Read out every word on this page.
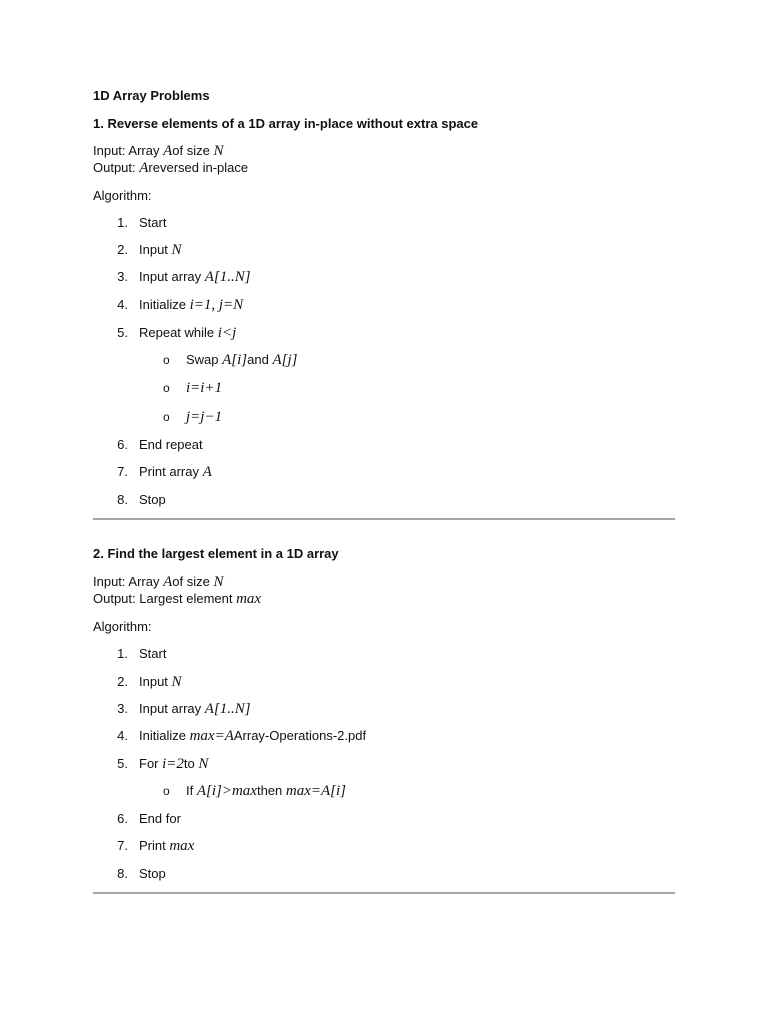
1D Array Problems
1. Reverse elements of a 1D array in-place without extra space
Input: Array Aof size N
Output: Areversed in-place
Algorithm:
1. Start
2. Input N
3. Input array A[1..N]
4. Initialize i=1, j=N
5. Repeat while i<j
o Swap A[i]and A[j]
o i=i+1
o j=j−1
6. End repeat
7. Print array A
8. Stop
2. Find the largest element in a 1D array
Input: Array Aof size N
Output: Largest element max
Algorithm:
1. Start
2. Input N
3. Input array A[1..N]
4. Initialize max=AArray-Operations-2.pdf
5. For i=2to N
o If A[i]>maxthen max=A[i]
6. End for
7. Print max
8. Stop
